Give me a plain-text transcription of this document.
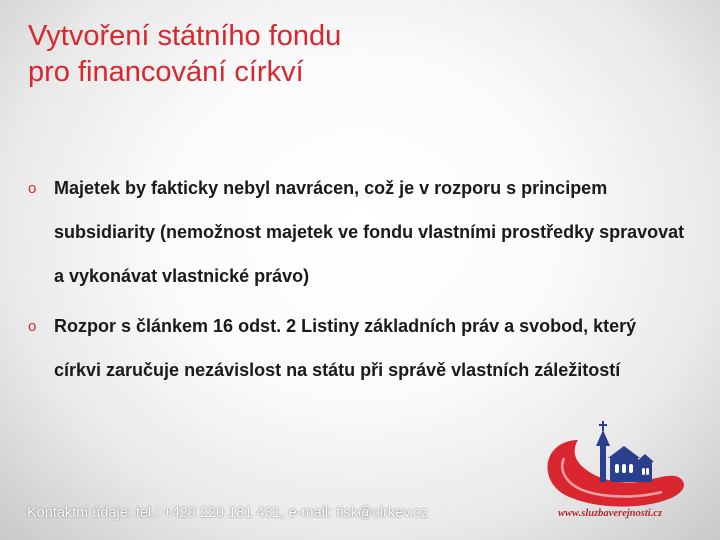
Vytvoření státního fondu
pro financování církví
o Majetek by fakticky nebyl navrácen, což je v rozporu s principem subsidiarity (nemožnost majetek ve fondu vlastními prostředky spravovat a vykonávat vlastnické právo)
o Rozpor s článkem 16 odst. 2 Listiny základních práv a svobod, který církvi zaručuje nezávislost na státu při správě vlastních záležitostí
www.sluzbaverejnosti.cz
Kontaktní údaje: tel.: +420 220 181 431, e-mail: tisk@cirkev.cz
